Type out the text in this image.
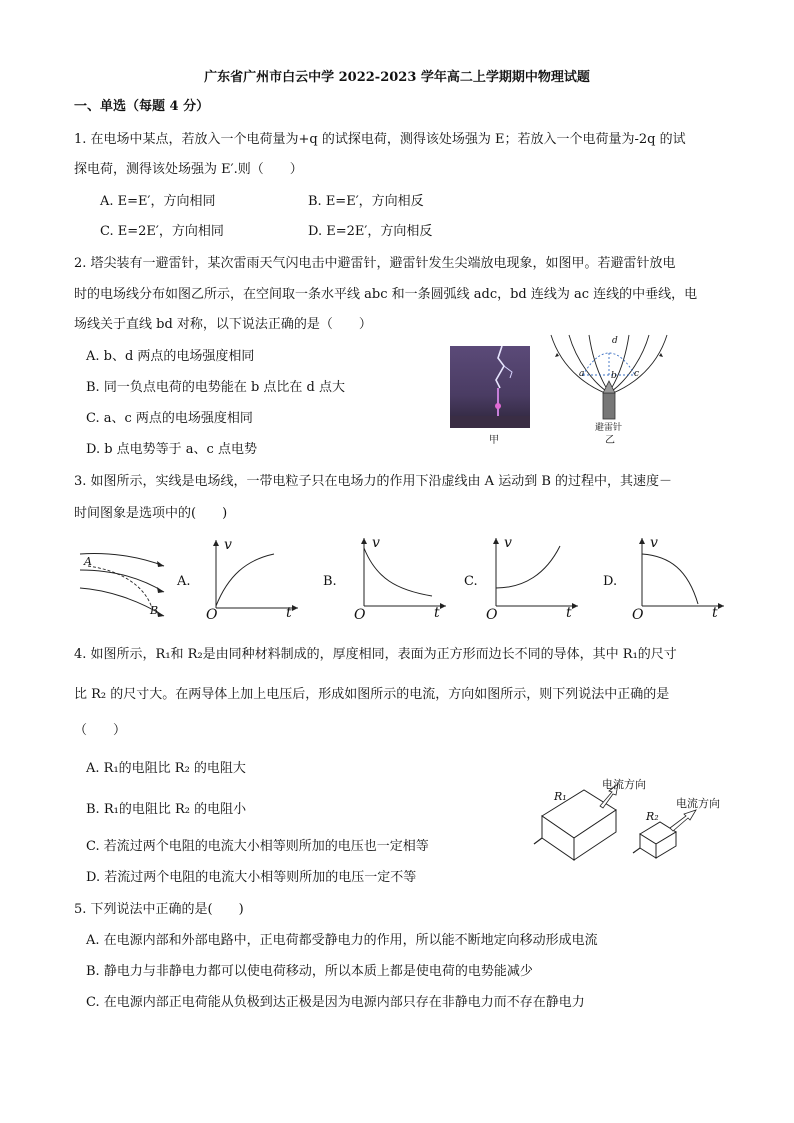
广东省广州市白云中学 2022-2023 学年高二上学期期中物理试题
一、单选（每题 4 分）
1. 在电场中某点，若放入一个电荷量为+q 的试探电荷，测得该处场强为 E；若放入一个电荷量为-2q 的试
探电荷，测得该处场强为 E′.则（　　）
A. E=E′，方向相同	B. E=E′，方向相反
C. E=2E′，方向相同	D. E=2E′，方向相反
2. 塔尖装有一避雷针，某次雷雨天气闪电击中避雷针，避雷针发生尖端放电现象，如图甲。若避雷针放电
时的电场线分布如图乙所示，在空间取一条水平线 abc 和一条圆弧线 adc，bd 连线为 ac 连线的中垂线，电
场线关于直线 bd 对称，以下说法正确的是（　　）
A. b、d 两点的电场强度相同
B. 同一负点电荷的电势能在 b 点比在 d 点大
C. a、c 两点的电场强度相同
D. b 点电势等于 a、c 点电势
甲
d
a	b c
避雷针
乙
3. 如图所示，实线是电场线，一带电粒子只在电场力的作用下沿虚线由 A 运动到 B 的过程中，其速度－
时间图象是选项中的(　　)
A
B
A.
v
t
O
B.
v
t
O
C.
v
t
O
D.
v
t
O
4. 如图所示，R₁和 R₂是由同种材料制成的，厚度相同，表面为正方形而边长不同的导体，其中 R₁的尺寸
比 R₂ 的尺寸大。在两导体上加上电压后，形成如图所示的电流，方向如图所示，则下列说法中正确的是
（　　）
A. R₁的电阻比 R₂ 的电阻大
B. R₁的电阻比 R₂ 的电阻小
C. 若流过两个电阻的电流大小相等则所加的电压也一定相等
D. 若流过两个电阻的电流大小相等则所加的电压一定不等
R₁
R₂
电流方向
电流方向
5. 下列说法中正确的是(　　)
A. 在电源内部和外部电路中，正电荷都受静电力的作用，所以能不断地定向移动形成电流
B. 静电力与非静电力都可以使电荷移动，所以本质上都是使电荷的电势能减少
C. 在电源内部正电荷能从负极到达正极是因为电源内部只存在非静电力而不存在静电力
